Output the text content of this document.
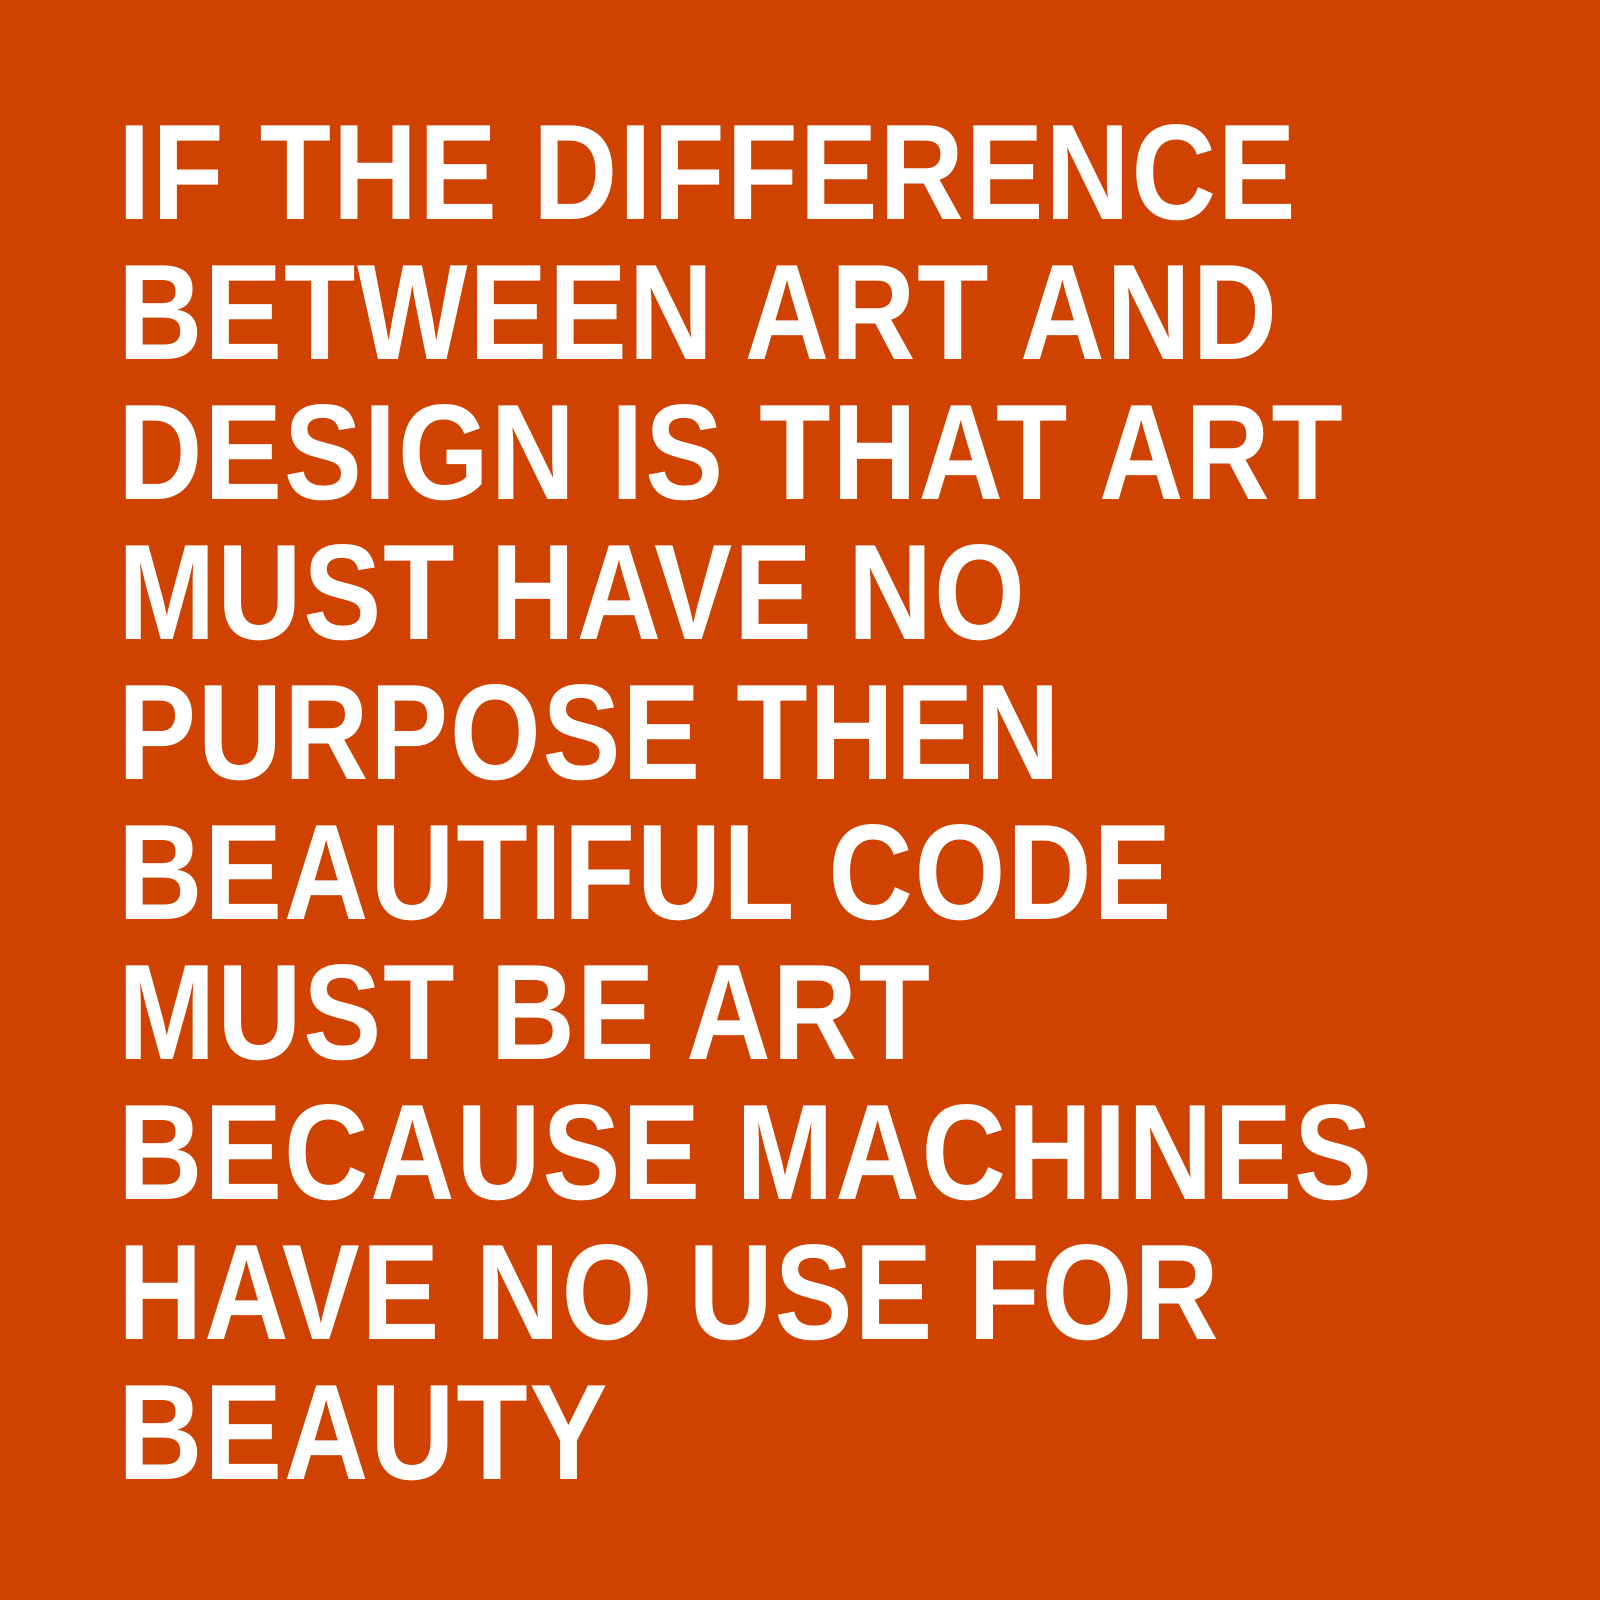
IF THE DIFFERENCE
BETWEEN ART AND
DESIGN IS THAT ART
MUST HAVE NO
PURPOSE THEN
BEAUTIFUL CODE
MUST BE ART
BECAUSE MACHINES
HAVE NO USE FOR
BEAUTY
